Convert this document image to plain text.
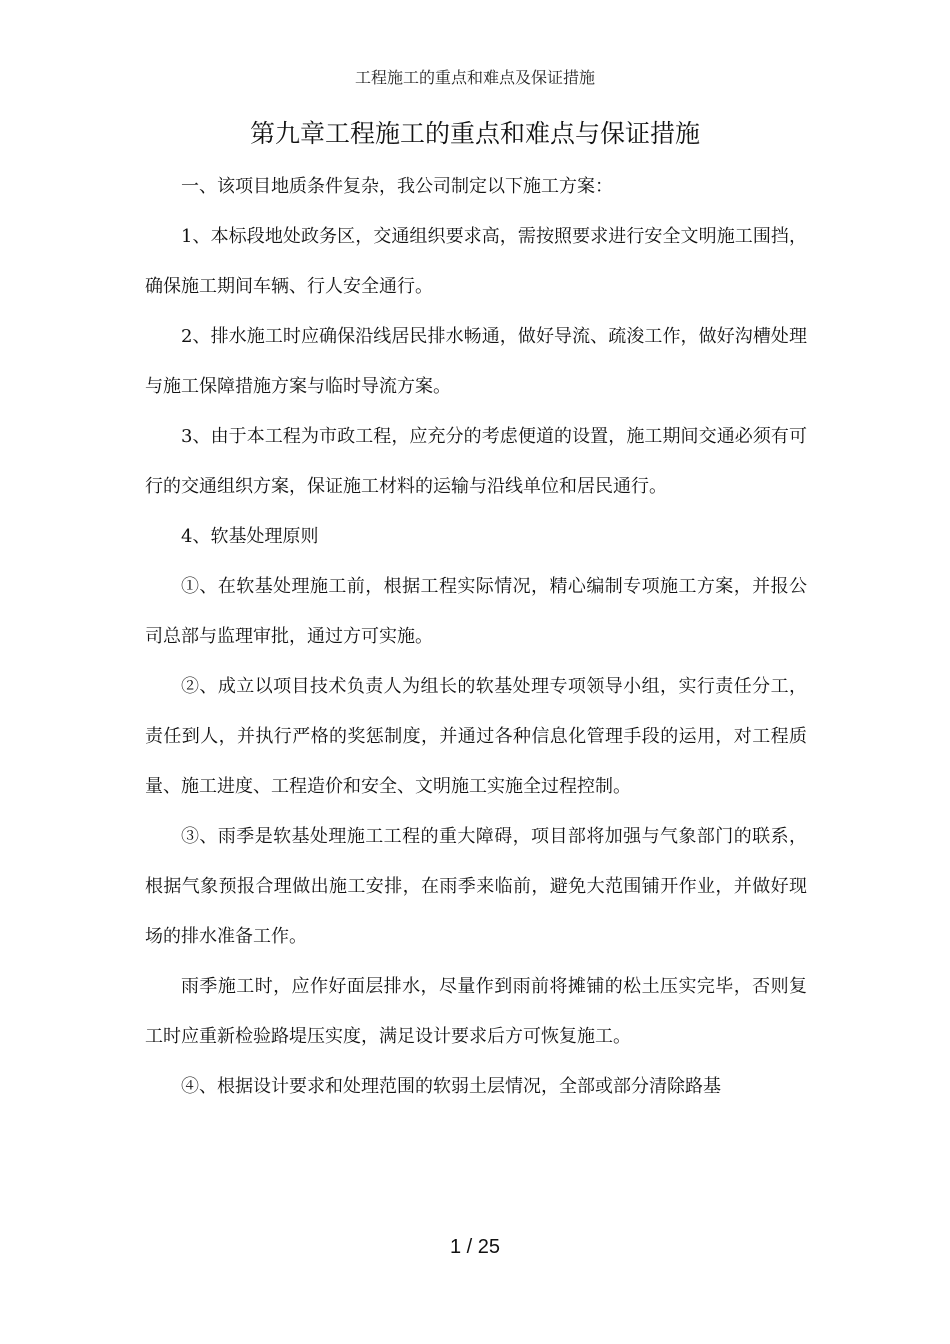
工程施工的重点和难点及保证措施
第九章工程施工的重点和难点与保证措施

一、该项目地质条件复杂，我公司制定以下施工方案：

1、本标段地处政务区，交通组织要求高，需按照要求进行安全文明施工围挡，确保施工期间车辆、行人安全通行。

2、排水施工时应确保沿线居民排水畅通，做好导流、疏浚工作，做好沟槽处理与施工保障措施方案与临时导流方案。

3、由于本工程为市政工程，应充分的考虑便道的设置，施工期间交通必须有可行的交通组织方案，保证施工材料的运输与沿线单位和居民通行。

4、软基处理原则

①、在软基处理施工前，根据工程实际情况，精心编制专项施工方案，并报公司总部与监理审批，通过方可实施。

②、成立以项目技术负责人为组长的软基处理专项领导小组，实行责任分工，责任到人，并执行严格的奖惩制度，并通过各种信息化管理手段的运用，对工程质量、施工进度、工程造价和安全、文明施工实施全过程控制。

③、雨季是软基处理施工工程的重大障碍，项目部将加强与气象部门的联系，根据气象预报合理做出施工安排，在雨季来临前，避免大范围铺开作业，并做好现场的排水准备工作。

雨季施工时，应作好面层排水，尽量作到雨前将摊铺的松土压实完毕，否则复工时应重新检验路堤压实度，满足设计要求后方可恢复施工。

④、根据设计要求和处理范围的软弱土层情况，全部或部分清除路基

1 / 25
